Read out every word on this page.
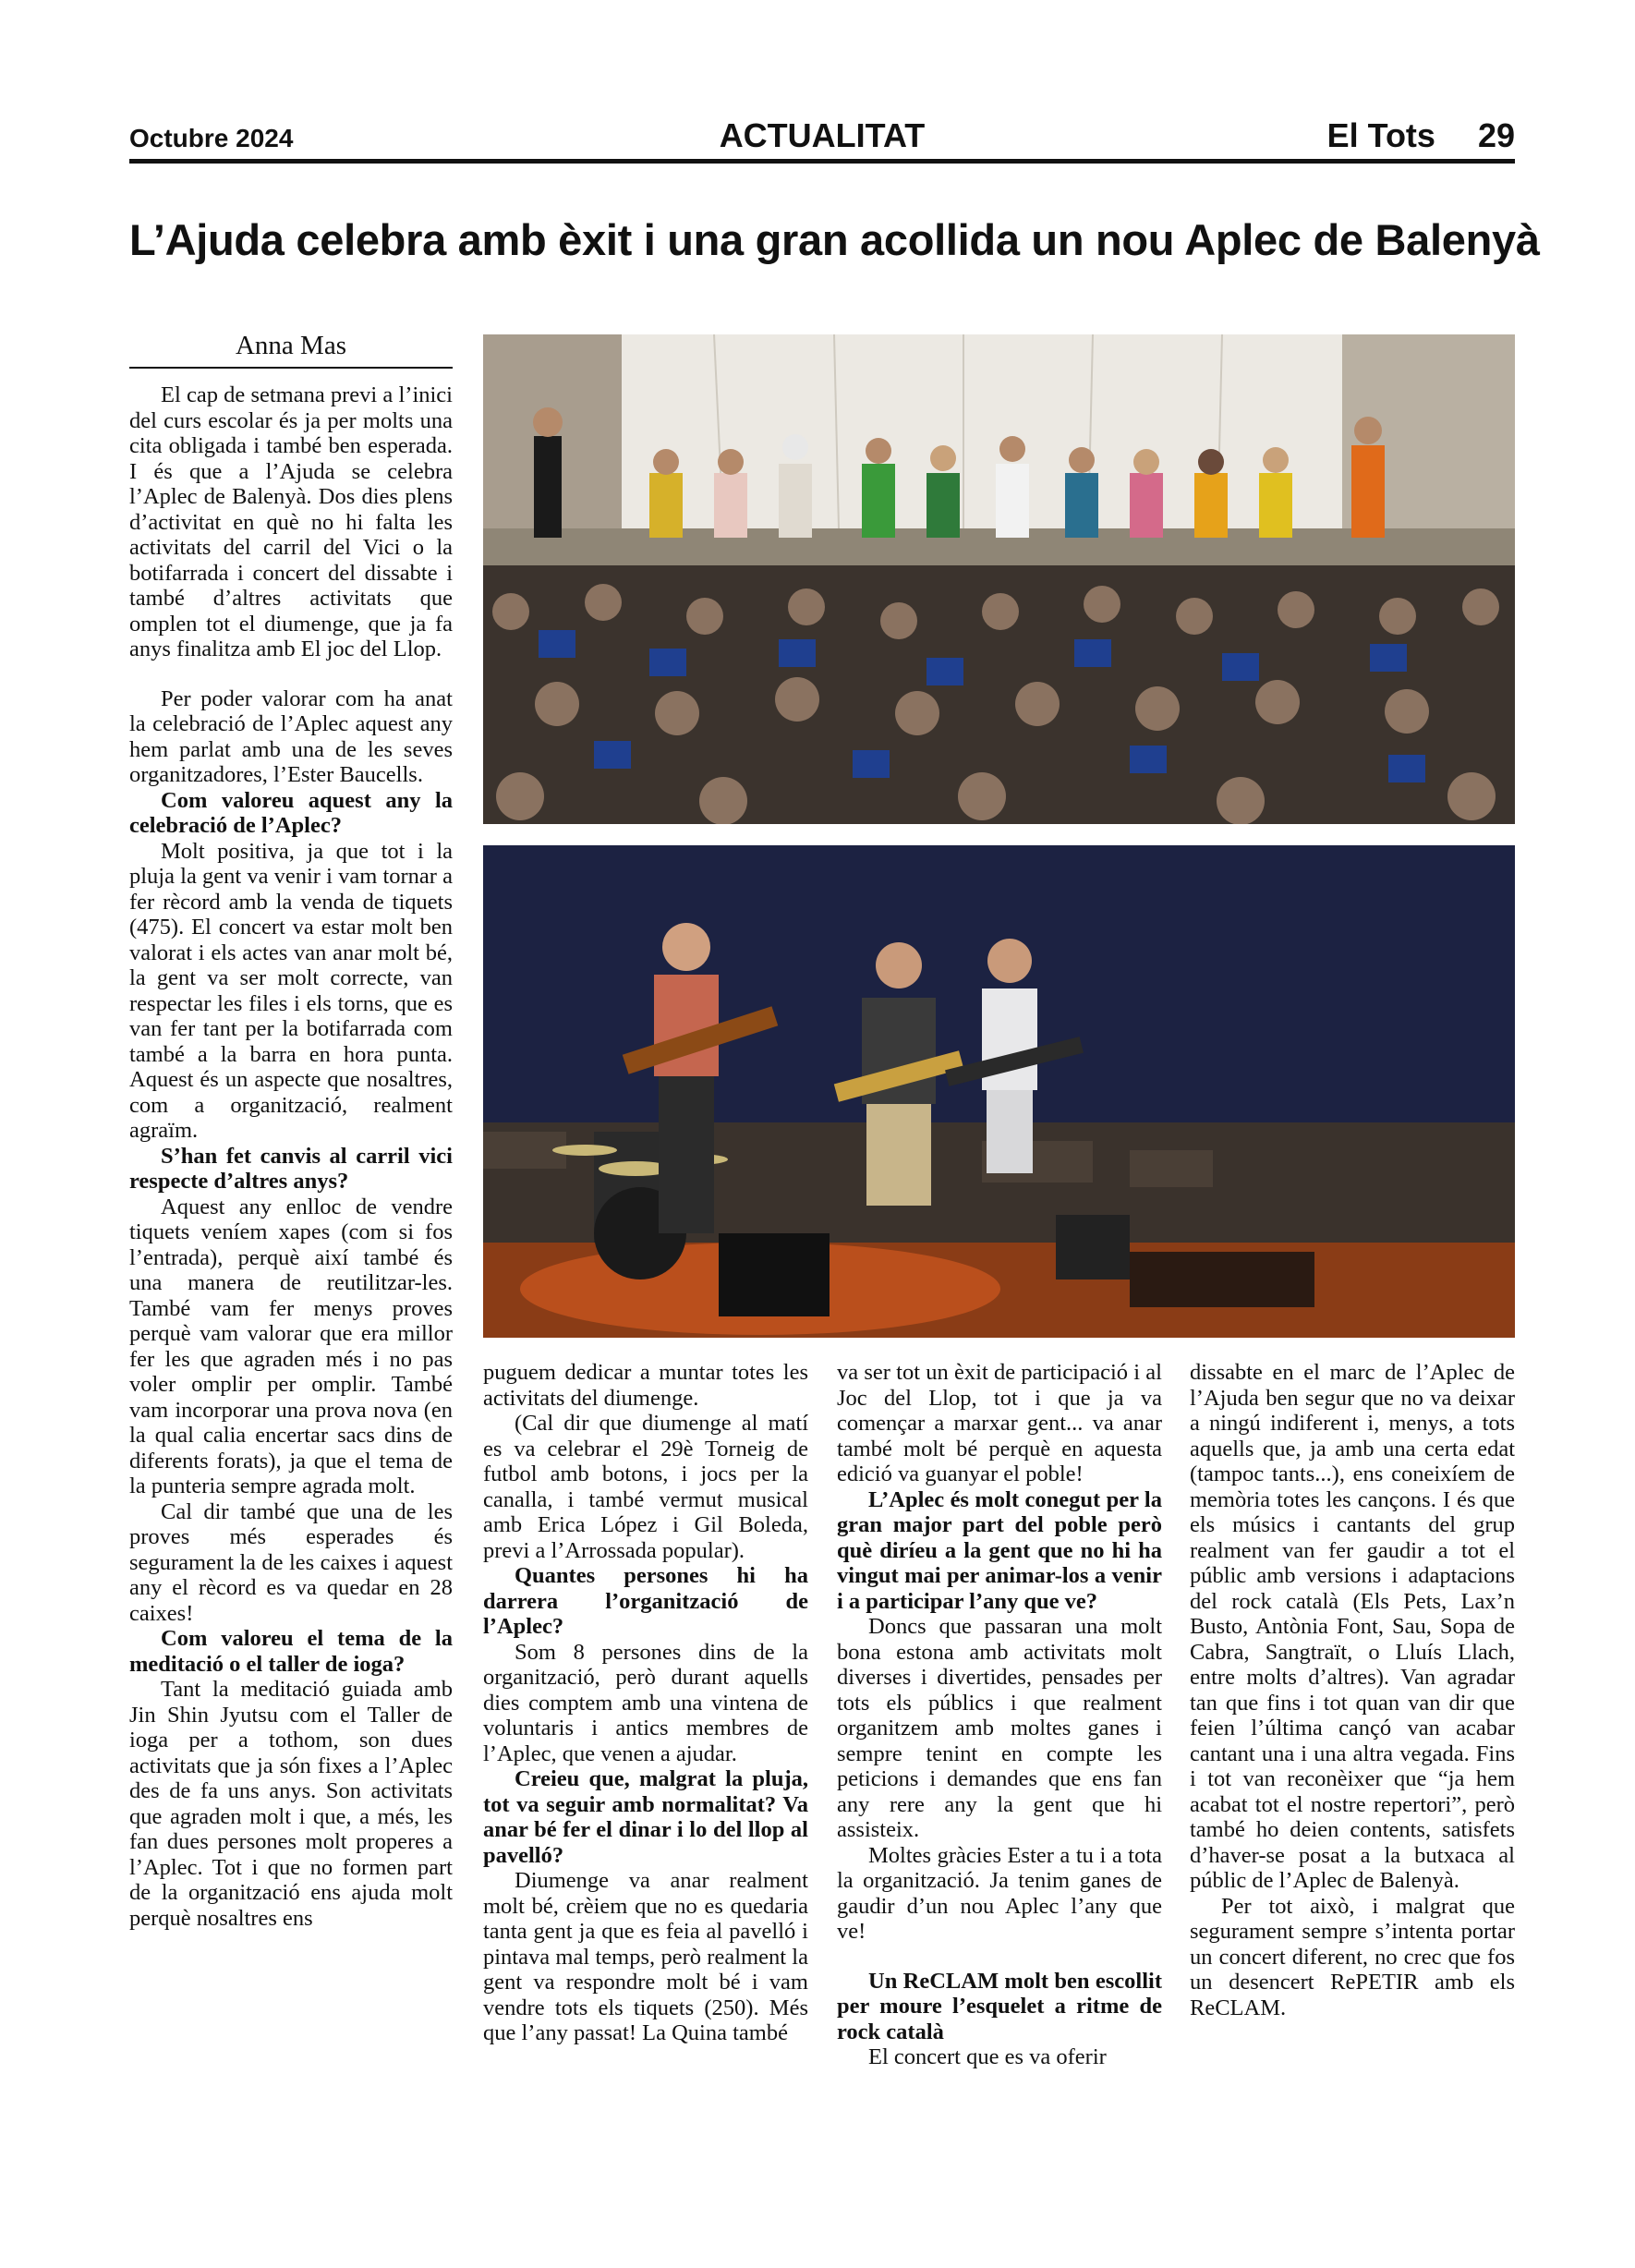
Octubre 2024	ACTUALITAT	El Tots 29
L’Ajuda celebra amb èxit i una gran acollida un nou Aplec de Balenyà
Anna Mas

El cap de setmana previ a l’inici del curs escolar és ja per molts una cita obligada i també ben esperada. I és que a l’Ajuda se celebra l’Aplec de Balenyà. Dos dies plens d’activitat en què no hi falta les activitats del carril del Vici o la botifarrada i concert del dissabte i també d’altres activitats que omplen tot el diumenge, que ja fa anys finalitza amb El joc del Llop.

Per poder valorar com ha anat la celebració de l’Aplec aquest any hem parlat amb una de les seves organitzadores, l’Ester Baucells.

Com valoreu aquest any la celebració de l’Aplec?

Molt positiva, ja que tot i la pluja la gent va venir i vam tornar a fer rècord amb la venda de tiquets (475). El concert va estar molt ben valorat i els actes van anar molt bé, la gent va ser molt correcte, van respectar les files i els torns, que es van fer tant per la botifarrada com també a la barra en hora punta. Aquest és un aspecte que nosaltres, com a organització, realment agraïm.

S’han fet canvis al carril vici respecte d’altres anys?

Aquest any enlloc de vendre tiquets veníem xapes (com si fos l’entrada), perquè així també és una manera de reutilitzar-les. També vam fer menys proves perquè vam valorar que era millor fer les que agraden més i no pas voler omplir per omplir. També vam incorporar una prova nova (en la qual calia encertar sacs dins de diferents forats), ja que el tema de la punteria sempre agrada molt.

Cal dir també que una de les proves més esperades és segurament la de les caixes i aquest any el rècord es va quedar en 28 caixes!

Com valoreu el tema de la meditació o el taller de ioga?

Tant la meditació guiada amb Jin Shin Jyutsu com el Taller de ioga per a tothom, son dues activitats que ja són fixes a l’Aplec des de fa uns anys. Son activitats que agraden molt i que, a més, les fan dues persones molt properes a l’Aplec. Tot i que no formen part de la organització ens ajuda molt perquè nosaltres ens

puguem dedicar a muntar totes les activitats del diumenge.

(Cal dir que diumenge al matí es va celebrar el 29è Torneig de futbol amb botons, i jocs per la canalla, i també vermut musical amb Erica López i Gil Boleda, previ a l’Arrossada popular).

Quantes persones hi ha darrera l’organització de l’Aplec?

Som 8 persones dins de la organització, però durant aquells dies comptem amb una vintena de voluntaris i antics membres de l’Aplec, que venen a ajudar.

Creieu que, malgrat la pluja, tot va seguir amb normalitat? Va anar bé fer el dinar i lo del llop al pavelló?

Diumenge va anar realment molt bé, crèiem que no es quedaria tanta gent ja que es feia al pavelló i pintava mal temps, però realment la gent va respondre molt bé i vam vendre tots els tiquets (250). Més que l’any passat! La Quina també

va ser tot un èxit de participació i al Joc del Llop, tot i que ja va començar a marxar gent... va anar també molt bé perquè en aquesta edició va guanyar el poble!

L’Aplec és molt conegut per la gran major part del poble però què diríeu a la gent que no hi ha vingut mai per animar-los a venir i a participar l’any que ve?

Doncs que passaran una molt bona estona amb activitats molt diverses i divertides, pensades per tots els públics i que realment organitzem amb moltes ganes i sempre tenint en compte les peticions i demandes que ens fan any rere any la gent que hi assisteix.

Moltes gràcies Ester a tu i a tota la organització. Ja tenim ganes de gaudir d’un nou Aplec l’any que ve!

Un ReCLAM molt ben escollit per moure l’esquelet a ritme de rock català

El concert que es va oferir

dissabte en el marc de l’Aplec de l’Ajuda ben segur que no va deixar a ningú indiferent i, menys, a tots aquells que, ja amb una certa edat (tampoc tants...), ens coneixíem de memòria totes les cançons. I és que els músics i cantants del grup realment van fer gaudir a tot el públic amb versions i adaptacions del rock català (Els Pets, Lax’n Busto, Antònia Font, Sau, Sopa de Cabra, Sangtraït, o Lluís Llach, entre molts d’altres). Van agradar tan que fins i tot quan van dir que feien l’última cançó van acabar cantant una i una altra vegada. Fins i tot van reconèixer que “ja hem acabat tot el nostre repertori”, però també ho deien contents, satisfets d’haver-se posat a la butxaca al públic de l’Aplec de Balenyà.

Per tot això, i malgrat que segurament sempre s’intenta portar un concert diferent, no crec que fos un desencert RePETIR amb els ReCLAM.
